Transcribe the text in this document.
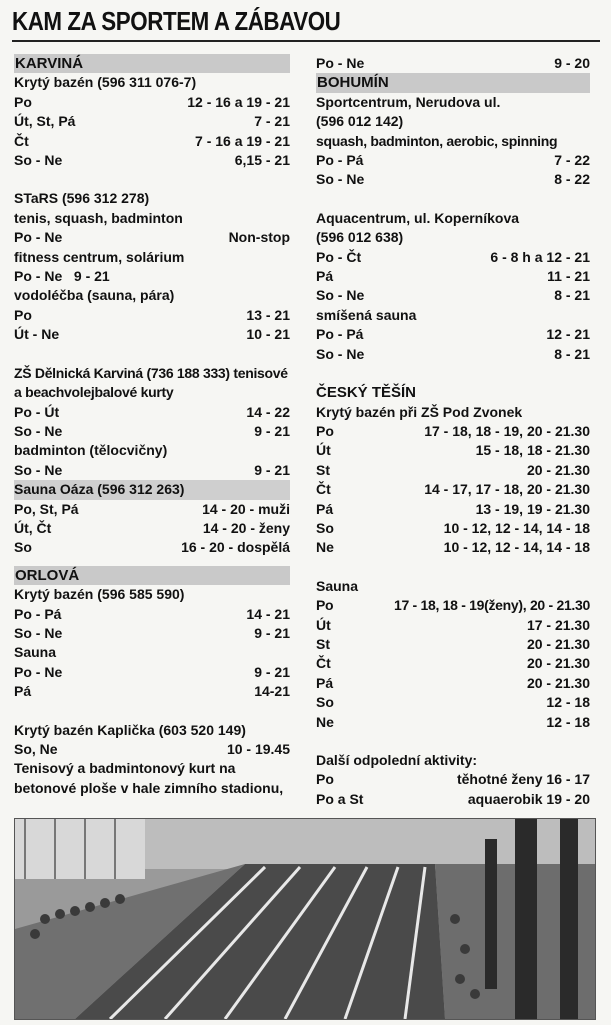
KAM ZA SPORTEM A ZÁBAVOU
KARVINÁ
Krytý bazén (596 311 076-7)
Po	12 - 16 a 19 - 21
Út, St, Pá	7 - 21
Čt	7 - 16 a 19 - 21
So - Ne	6,15 - 21
STaRS (596 312 278)
tenis, squash, badminton
Po - Ne	Non-stop
fitness centrum, solárium
Po - Ne   9 - 21
vodoléčba (sauna, pára)
Po	13 - 21
Út - Ne	10 - 21
ZŠ Dělnická Karviná (736 188 333) tenisové a beachvolejbalové kurty
Po - Út	14 - 22
So - Ne	9 - 21
badminton (tělocvičny)
So - Ne	9 - 21
Sauna Oáza (596 312 263)
Po, St, Pá	14 - 20 - muži
Út, Čt	14 - 20 - ženy
So	16 - 20 - dospělá
ORLOVÁ
Krytý bazén (596 585 590)
Po - Pá	14 - 21
So - Ne	9 - 21
Sauna
Po - Ne	9 - 21
Pá	14-21
Krytý bazén Kaplička (603 520 149)
So, Ne	10 - 19.45
Tenisový a badmintonový kurt na betonové ploše v hale zimního stadionu,
Po - Ne	9 - 20
BOHUMÍN
Sportcentrum, Nerudova ul.
(596 012 142)
squash, badminton, aerobic, spinning
Po - Pá	7 - 22
So - Ne	8 - 22
Aquacentrum, ul. Koperníkova
(596 012 638)
Po - Čt	6 - 8 h a 12 - 21
Pá	11 - 21
So - Ne	8 - 21
smíšená sauna
Po - Pá	12 - 21
So - Ne	8 - 21
ČESKÝ TĚŠÍN
Krytý bazén při ZŠ Pod Zvonek
Po	17 - 18, 18 - 19, 20 - 21.30
Út	15 - 18, 18 - 21.30
St	20 - 21.30
Čt	14 - 17, 17 - 18, 20 - 21.30
Pá	13 - 19, 19 - 21.30
So	10 - 12, 12 - 14, 14 - 18
Ne	10 - 12, 12 - 14, 14 - 18
Sauna
Po	17 - 18, 18 - 19(ženy), 20 - 21.30
Út	17 - 21.30
St	20 - 21.30
Čt	20 - 21.30
Pá	20 - 21.30
So	12 - 18
Ne	12 - 18
Další odpolední aktivity:
Po	těhotné ženy 16 - 17
Po a St	aquaerobik 19 - 20
